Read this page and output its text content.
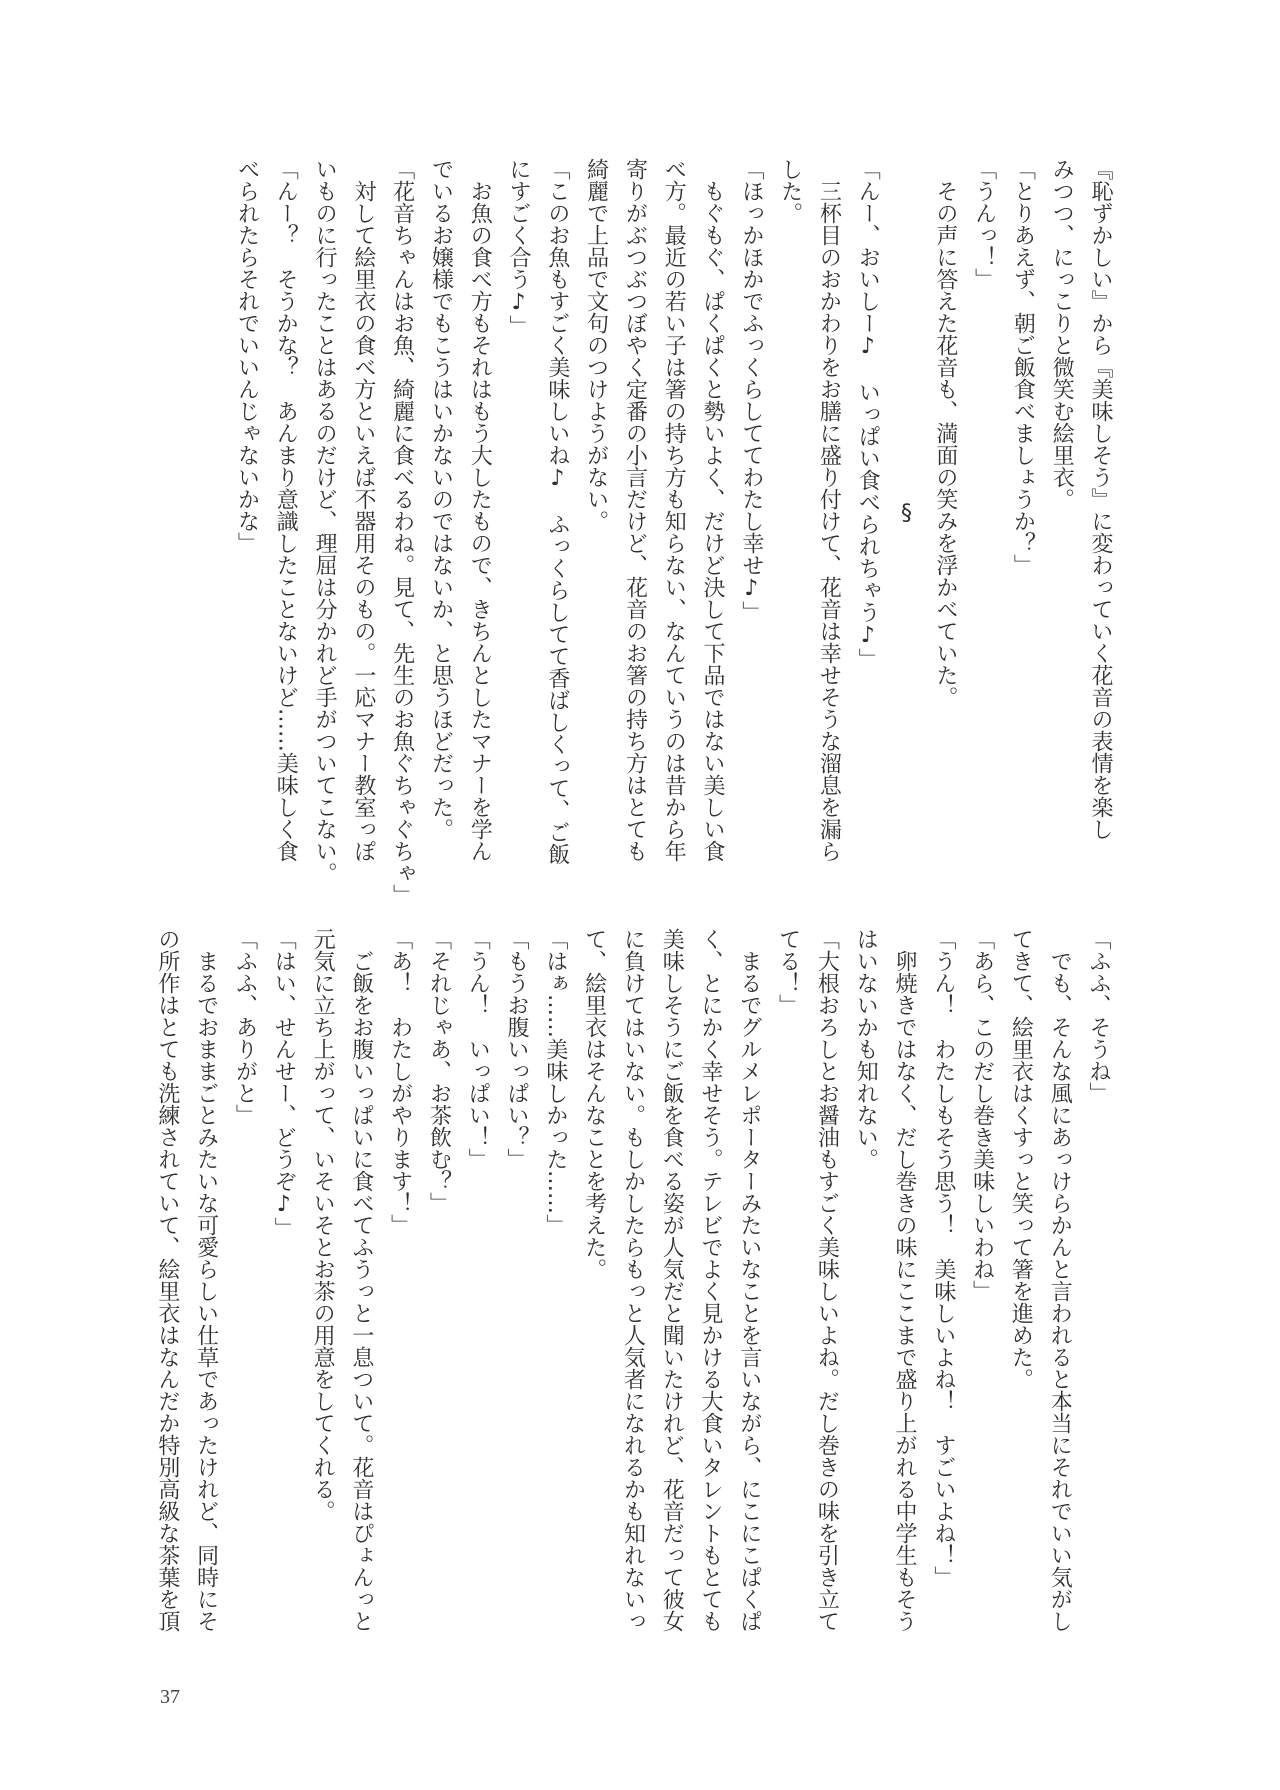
『恥ずかしい』から『美味しそう』に変わっていく花音の表情を楽し
みつつ、にっこりと微笑む絵里衣。
「とりあえず、朝ご飯食べましょうか？」
「うんっ！」
　その声に答えた花音も、満面の笑みを浮かべていた。
§
「んー、おいしー♪　いっぱい食べられちゃう♪」
　三杯目のおかわりをお膳に盛り付けて、花音は幸せそうな溜息を漏ら
した。
「ほっかほかでふっくらしててわたし幸せ♪」
　もぐもぐ、ぱくぱくと勢いよく、だけど決して下品ではない美しい食
べ方。最近の若い子は箸の持ち方も知らない、なんていうのは昔から年
寄りがぶつぶつぼやく定番の小言だけど、花音のお箸の持ち方はとても
綺麗で上品で文句のつけようがない。
「このお魚もすごく美味しいね♪　ふっくらしてて香ばしくって、ご飯
にすごく合う♪」
　お魚の食べ方もそれはもう大したもので、きちんとしたマナーを学ん
でいるお嬢様でもこうはいかないのではないか、と思うほどだった。
「花音ちゃんはお魚、綺麗に食べるわね。見て、先生のお魚ぐちゃぐちゃ」
　対して絵里衣の食べ方といえば不器用そのもの。一応マナー教室っぽ
いものに行ったことはあるのだけど、理屈は分かれど手がついてこない。
「んー？　そうかな？　あんまり意識したことないけど……美味しく食
べられたらそれでいいんじゃないかな」
「ふふ、そうね」
　でも、そんな風にあっけらかんと言われると本当にそれでいい気がし
てきて、絵里衣はくすっと笑って箸を進めた。
「あら、このだし巻き美味しいわね」
「うん！　わたしもそう思う！　美味しいよね！　すごいよね！」
　卵焼きではなく、だし巻きの味にここまで盛り上がれる中学生もそう
はいないかも知れない。
「大根おろしとお醤油もすごく美味しいよね。だし巻きの味を引き立て
てる！」
　まるでグルメレポーターみたいなことを言いながら、にこにこぱくぱ
く、とにかく幸せそう。テレビでよく見かける大食いタレントもとても
美味しそうにご飯を食べる姿が人気だと聞いたけれど、花音だって彼女
に負けてはいない。もしかしたらもっと人気者になれるかも知れないっ
て、絵里衣はそんなことを考えた。
「はぁ……美味しかった……」
「もうお腹いっぱい？」
「うん！　いっぱい！」
「それじゃあ、お茶飲む？」
「あ！　わたしがやります！」
　ご飯をお腹いっぱいに食べてふうっと一息ついて。花音はぴょんっと
元気に立ち上がって、いそいそとお茶の用意をしてくれる。
「はい、せんせー、どうぞ♪」
「ふふ、ありがと」
　まるでおままごとみたいな可愛らしい仕草であったけれど、同時にそ
の所作はとても洗練されていて、絵里衣はなんだか特別高級な茶葉を頂
37
